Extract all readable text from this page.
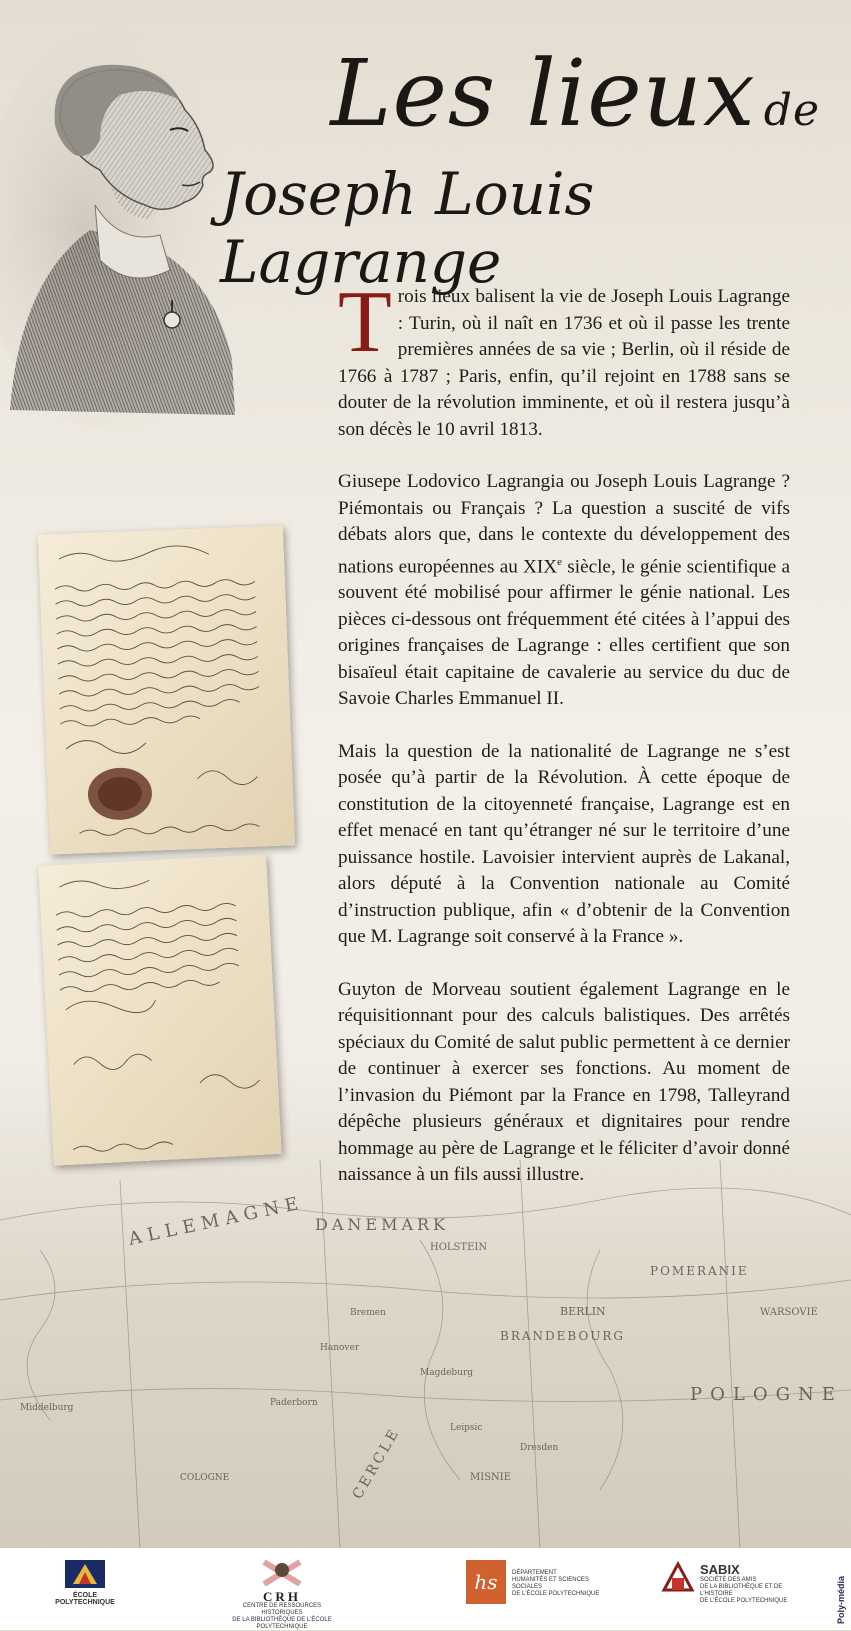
Les lieux de
Joseph Louis Lagrange

Trois lieux balisent la vie de Joseph Louis Lagrange : Turin, où il naît en 1736 et où il passe les trente premières années de sa vie ; Berlin, où il réside de 1766 à 1787 ; Paris, enfin, qu’il rejoint en 1788 sans se douter de la révolution imminente, et où il restera jusqu’à son décès le 10 avril 1813.

Giusepe Lodovico Lagrangia ou Joseph Louis Lagrange ? Piémontais ou Français ? La question a suscité de vifs débats alors que, dans le contexte du développement des nations européennes au XIXe siècle, le génie scientifique a souvent été mobilisé pour affirmer le génie national. Les pièces ci-dessous ont fréquemment été citées à l’appui des origines françaises de Lagrange : elles certifient que son bisaïeul était capitaine de cavalerie au service du duc de Savoie Charles Emmanuel II.

Mais la question de la nationalité de Lagrange ne s’est posée qu’à partir de la Révolution. À cette époque de constitution de la citoyenneté française, Lagrange est en effet menacé en tant qu’étranger né sur le territoire d’une puissance hostile. Lavoisier intervient auprès de Lakanal, alors député à la Convention nationale au Comité d’instruction publique, afin « d’obtenir de la Convention que M. Lagrange soit conservé à la France ».

Guyton de Morveau soutient également Lagrange en le réquisitionnant pour des calculs balistiques. Des arrêtés spéciaux du Comité de salut public permettent à ce dernier de continuer à exercer ses fonctions. Au moment de l’invasion du Piémont par la France en 1798, Talleyrand dépêche plusieurs généraux et dignitaires pour rendre hommage au père de Lagrange et le féliciter d’avoir donné naissance à un fils aussi illustre.

ALLEMAGNE DANEMARK
HOLSTEIN
POMERANIE
BRANDEBOURG
WARSOVIE
Bremen
Hanover
Magdeburg
BERLIN
Leipsic
Dresden
Middelburg
COLOGNE
Paderborn
MISNIE
POLOGNE
CERCLE
ÉCOLE
POLYTECHNIQUE	CRH
CENTRE DE RESSOURCES HISTORIQUES
DE LA BIBLIOTHÈQUE DE L'ÉCOLE POLYTECHNIQUE
hs	DÉPARTEMENT
HUMANITÉS ET SCIENCES SOCIALES
DE L'ÉCOLE POLYTECHNIQUE
SABIX
SOCIÉTÉ DES AMIS
DE LA BIBLIOTHÈQUE ET DE L'HISTOIRE
DE L'ÉCOLE POLYTECHNIQUE	Poly-média
